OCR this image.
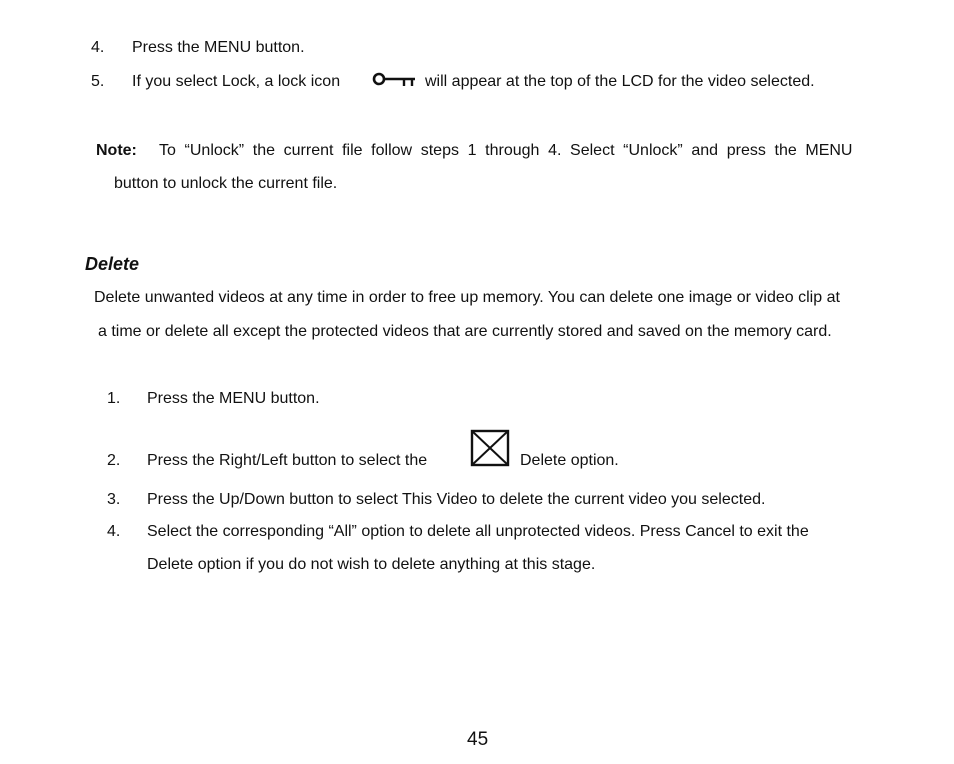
4. Press the MENU button.
5. If you select Lock, a lock icon	will appear at the top of the LCD for the video selected.
Note: To “Unlock” the current file follow steps 1 through 4. Select “Unlock” and press the MENU
button to unlock the current file.
Delete
Delete unwanted videos at any time in order to free up memory. You can delete one image or video clip at
a time or delete all except the protected videos that are currently stored and saved on the memory card.
1. Press the MENU button.
2. Press the Right/Left button to select the	Delete option.
3. Press the Up/Down button to select This Video to delete the current video you selected.
4. Select the corresponding “All” option to delete all unprotected videos. Press Cancel to exit the
Delete option if you do not wish to delete anything at this stage.
45
